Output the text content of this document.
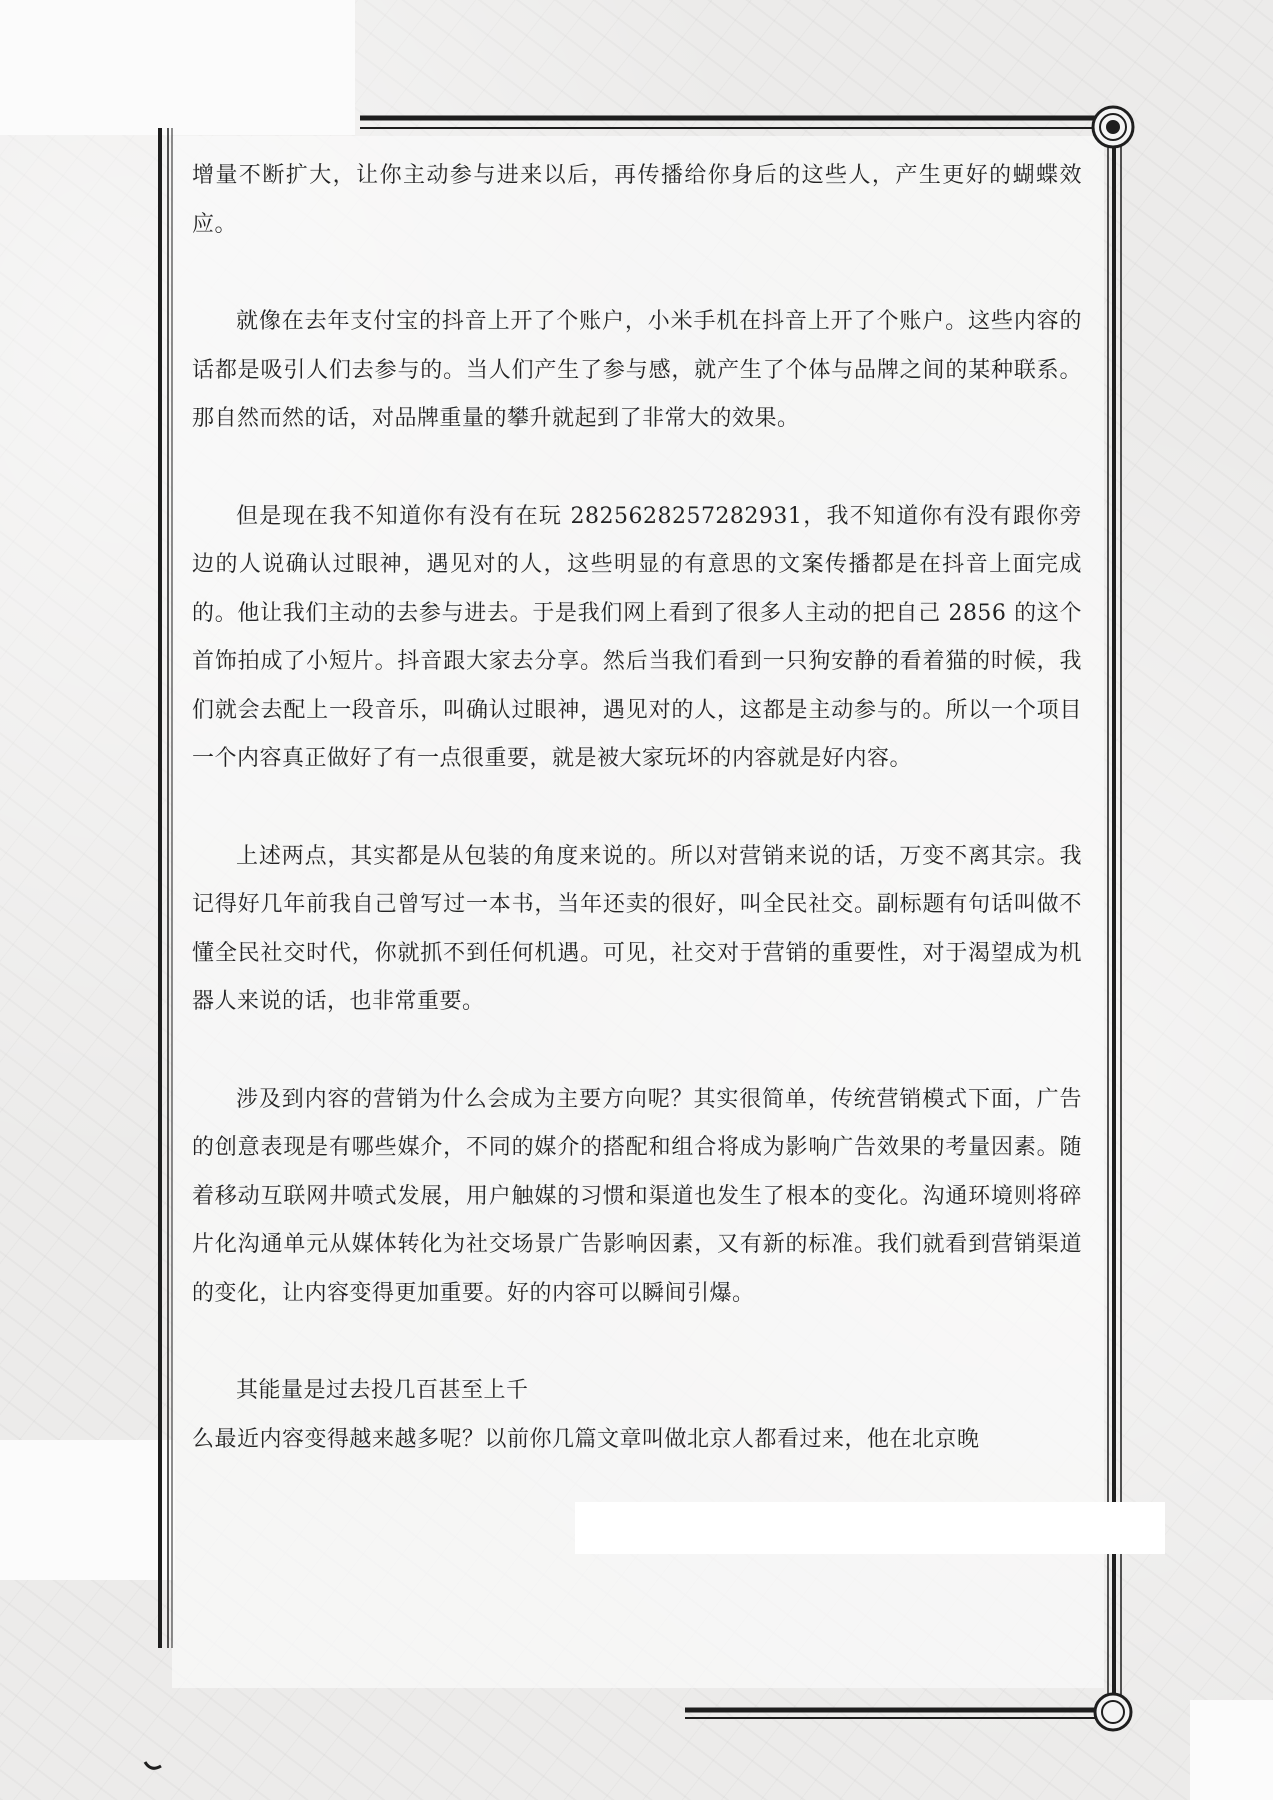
增量不断扩大，让你主动参与进来以后，再传播给你身后的这些人，产生更好的蝴蝶效应。

就像在去年支付宝的抖音上开了个账户，小米手机在抖音上开了个账户。这些内容的话都是吸引人们去参与的。当人们产生了参与感，就产生了个体与品牌之间的某种联系。那自然而然的话，对品牌重量的攀升就起到了非常大的效果。

但是现在我不知道你有没有在玩 2825628257282931，我不知道你有没有跟你旁边的人说确认过眼神，遇见对的人，这些明显的有意思的文案传播都是在抖音上面完成的。他让我们主动的去参与进去。于是我们网上看到了很多人主动的把自己 2856 的这个首饰拍成了小短片。抖音跟大家去分享。然后当我们看到一只狗安静的看着猫的时候，我们就会去配上一段音乐，叫确认过眼神，遇见对的人，这都是主动参与的。所以一个项目一个内容真正做好了有一点很重要，就是被大家玩坏的内容就是好内容。

上述两点，其实都是从包装的角度来说的。所以对营销来说的话，万变不离其宗。我记得好几年前我自己曾写过一本书，当年还卖的很好，叫全民社交。副标题有句话叫做不懂全民社交时代，你就抓不到任何机遇。可见，社交对于营销的重要性，对于渴望成为机器人来说的话，也非常重要。

涉及到内容的营销为什么会成为主要方向呢？其实很简单，传统营销模式下面，广告的创意表现是有哪些媒介，不同的媒介的搭配和组合将成为影响广告效果的考量因素。随着移动互联网井喷式发展，用户触媒的习惯和渠道也发生了根本的变化。沟通环境则将碎片化沟通单元从媒体转化为社交场景广告影响因素，又有新的标准。我们就看到营销渠道的变化，让内容变得更加重要。好的内容可以瞬间引爆。

其能量是过去投几百甚至上千

么最近内容变得越来越多呢？以前你几篇文章叫做北京人都看过来，他在北京晚
